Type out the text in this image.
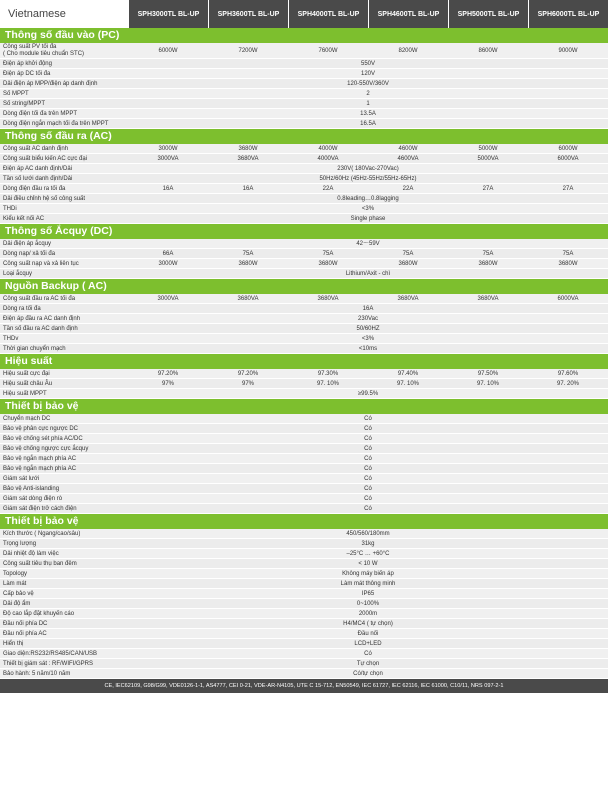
Vietnamese	SPH3000TL BL-UP	SPH3600TL BL-UP	SPH4000TL BL-UP	SPH4600TL BL-UP	SPH5000TL BL-UP	SPH6000TL BL-UP
Thông số đầu vào (PC)
Công suất PV tối đa
( Cho module tiêu chuẩn STC)	6000W	7200W	7600W	8200W	8600W	9000W
Điện áp khởi động	550V
Điện áp DC tối đa	120V
Dải điện áp MPP/điện áp danh định	120-550V/360V
Số MPPT	2
Số string/MPPT	1
Dòng điện tối đa trên MPPT	13.5A
Dòng điện ngắn mạch tối đa trên MPPT	16.5A
Thông số đầu ra (AC)
Công suất AC danh định	3000W	3680W	4000W	4600W	5000W	6000W
Công suất biểu kiến AC cực đại	3000VA	3680VA	4000VA	4600VA	5000VA	6000VA
Điện áp AC danh định/Dải	230V( 180Vac-270Vac)
Tần số lưới danh định/Dải	50Hz/60Hz (45Hz-55Hz/55Hz-65Hz)
Dòng điện đầu ra tối đa	16A	16A	22A	22A	27A	27A
Dải điều chỉnh hệ số công suất	0.8leading…0.8lagging
THDi	<3%
Kiểu kết nối AC	Single phase
Thông số Ắcquy (DC)
Dải điện áp ắcquy	42～59V
Dòng nạp/ xả tối đa	66A	75A	75A	75A	75A	75A
Công suất nạp và xả liên tục	3000W	3680W	3680W	3680W	3680W	3680W
Loại ắcquy	Lithium/Axit - chì
Nguồn Backup ( AC)
Công suất đầu ra AC tối đa	3000VA	3680VA	3680VA	3680VA	3680VA	6000VA
Dòng ra tối đa	16A
Điện áp đầu ra AC danh định	230Vac
Tần số đầu ra AC danh định	50/60HZ
THDv	<3%
Thời gian chuyển mạch	<10ms
Hiệu suất
Hiệu suất cực đại	97.20%	97.20%	97.30%	97.40%	97.50%	97.60%
Hiệu suất châu Âu	97%	97%	97. 10%	97. 10%	97. 10%	97. 20%
Hiệu suất MPPT	≥99.5%
Thiết bị bảo vệ
Chuyển mạch DC	Có
Bảo vệ phân cực ngược DC	Có
Bảo vệ chống sét phía AC/DC	Có
Bảo vệ chống ngược cực ắcquy	Có
Bảo vệ ngắn mạch phía AC	Có
Bảo vệ ngắn mạch phía AC	Có
Giám sát lưới	Có
Bảo vệ Anti-islanding	Có
Giám sát dòng điện rò	Có
Giám sát điện trở cách điện	Có
Thiết bị bảo vệ
Kích thước ( Ngang/cao/sâu)	450/560/180mm
Trọng lượng	31kg
Dải nhiệt độ làm việc	–25°C … +60°C
Công suất tiêu thụ ban đêm	< 10 W
Topology	Không máy biến áp
Làm mát	Làm mát thông minh
Cấp bảo vệ	IP65
Dải độ ẩm	0~100%
Độ cao lắp đặt khuyến cáo	2000m
Đầu nối phía DC	H4/MC4 ( tự chọn)
Đầu nối phía AC	Đầu nối
Hiển thị	LCD+LED
Giao diện:RS232/RS485/CAN/USB	Có
Thiết bị giám sát : RF/WIFI/GPRS	Tự chọn
Bảo hành: 5 năm/10 năm	Có/tự chọn
CE, IEC62109, G98/G99, VDE0126-1-1, AS4777, CEI 0-21, VDE-AR-N4105, UTE C 15-712, EN50549, IEC 61727, IEC 62116, IEC 61000, C10/11, NRS 097-2-1
